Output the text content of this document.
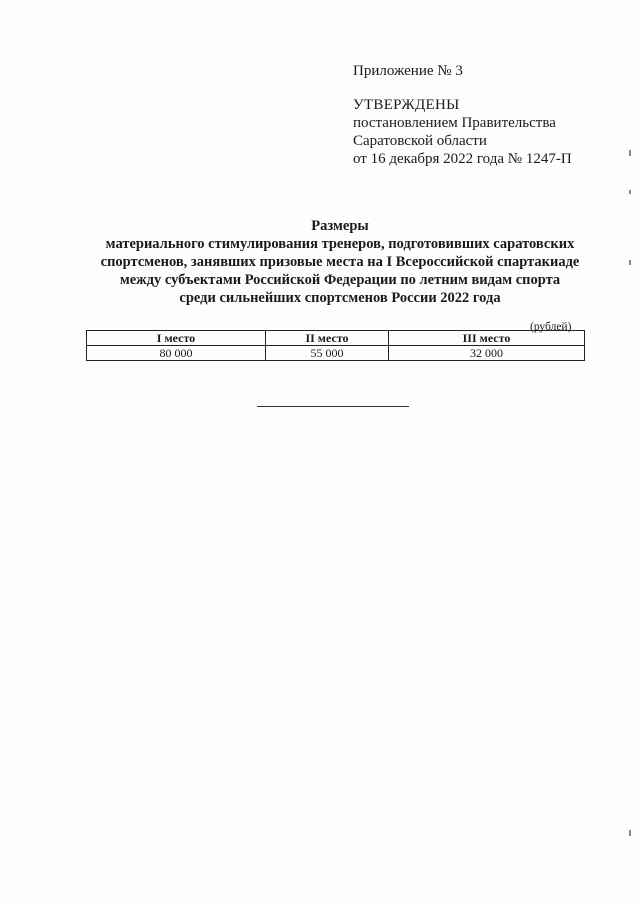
Приложение № 3
УТВЕРЖДЕНЫ
постановлением Правительства
Саратовской области
от 16 декабря 2022 года № 1247-П
Размеры
материального стимулирования тренеров, подготовивших саратовских
спортсменов, занявших призовые места на I Всероссийской спартакиаде
между субъектами Российской Федерации по летним видам спорта
среди сильнейших спортсменов России 2022 года
(рублей)
I место	II место	III место
80 000	55 000	32 000
